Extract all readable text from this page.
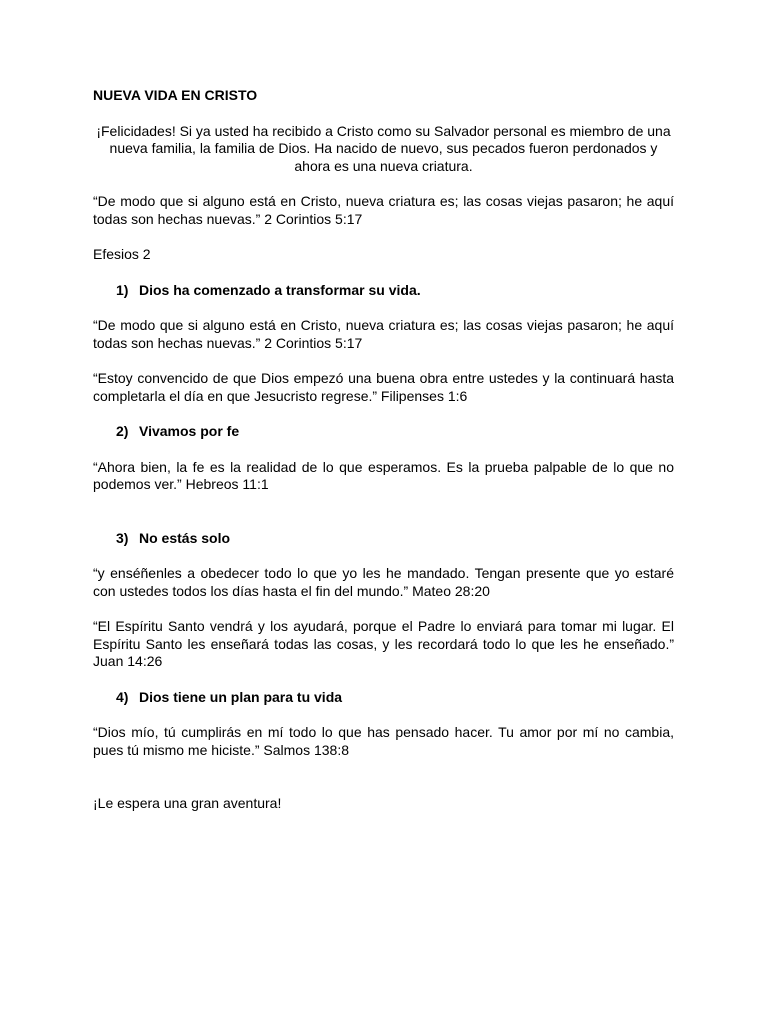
NUEVA VIDA EN CRISTO

¡Felicidades! Si ya usted ha recibido a Cristo como su Salvador personal es miembro de una nueva familia, la familia de Dios. Ha nacido de nuevo, sus pecados fueron perdonados y ahora es una nueva criatura.

“De modo que si alguno está en Cristo, nueva criatura es; las cosas viejas pasaron; he aquí todas son hechas nuevas.” 2 Corintios 5:17

Efesios 2

1) Dios ha comenzado a transformar su vida.

“De modo que si alguno está en Cristo, nueva criatura es; las cosas viejas pasaron; he aquí todas son hechas nuevas.” 2 Corintios 5:17

“Estoy convencido de que Dios empezó una buena obra entre ustedes y la continuará hasta completarla el día en que Jesucristo regrese.” Filipenses 1:6

2) Vivamos por fe

“Ahora bien, la fe es la realidad de lo que esperamos. Es la prueba palpable de lo que no podemos ver.” Hebreos 11:1

3) No estás solo

“y enséñenles a obedecer todo lo que yo les he mandado. Tengan presente que yo estaré con ustedes todos los días hasta el fin del mundo.” Mateo 28:20

“El Espíritu Santo vendrá y los ayudará, porque el Padre lo enviará para tomar mi lugar. El Espíritu Santo les enseñará todas las cosas, y les recordará todo lo que les he enseñado.” Juan 14:26

4) Dios tiene un plan para tu vida

“Dios mío, tú cumplirás en mí todo lo que has pensado hacer. Tu amor por mí no cambia, pues tú mismo me hiciste.” Salmos 138:8

¡Le espera una gran aventura!
